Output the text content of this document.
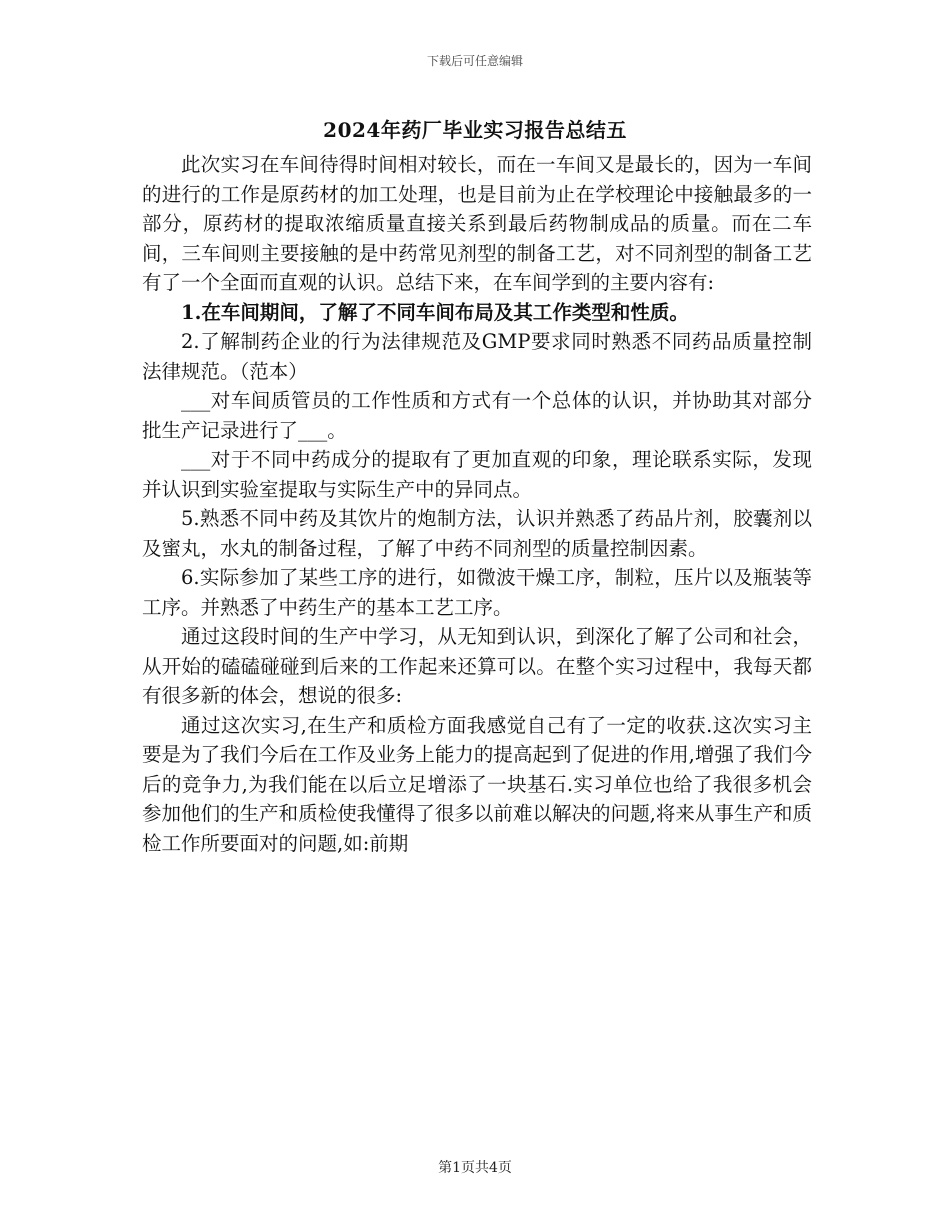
下载后可任意编辑
2024年药厂毕业实习报告总结五

此次实习在车间待得时间相对较长，而在一车间又是最长的，因为一车间的进行的工作是原药材的加工处理，也是目前为止在学校理论中接触最多的一部分，原药材的提取浓缩质量直接关系到最后药物制成品的质量。而在二车间，三车间则主要接触的是中药常见剂型的制备工艺，对不同剂型的制备工艺有了一个全面而直观的认识。总结下来，在车间学到的主要内容有:

1.在车间期间，了解了不同车间布局及其工作类型和性质。

2.了解制药企业的行为法律规范及GMP要求同时熟悉不同药品质量控制法律规范。（范本）

___对车间质管员的工作性质和方式有一个总体的认识，并协助其对部分批生产记录进行了___。

___对于不同中药成分的提取有了更加直观的印象，理论联系实际，发现并认识到实验室提取与实际生产中的异同点。

5.熟悉不同中药及其饮片的炮制方法，认识并熟悉了药品片剂，胶囊剂以及蜜丸，水丸的制备过程，了解了中药不同剂型的质量控制因素。

6.实际参加了某些工序的进行，如微波干燥工序，制粒，压片以及瓶装等工序。并熟悉了中药生产的基本工艺工序。

通过这段时间的生产中学习，从无知到认识，到深化了解了公司和社会，从开始的磕磕碰碰到后来的工作起来还算可以。在整个实习过程中，我每天都有很多新的体会，想说的很多:

通过这次实习,在生产和质检方面我感觉自己有了一定的收获.这次实习主要是为了我们今后在工作及业务上能力的提高起到了促进的作用,增强了我们今后的竞争力,为我们能在以后立足增添了一块基石.实习单位也给了我很多机会参加他们的生产和质检使我懂得了很多以前难以解决的问题,将来从事生产和质检工作所要面对的问题,如:前期

第1页共4页
